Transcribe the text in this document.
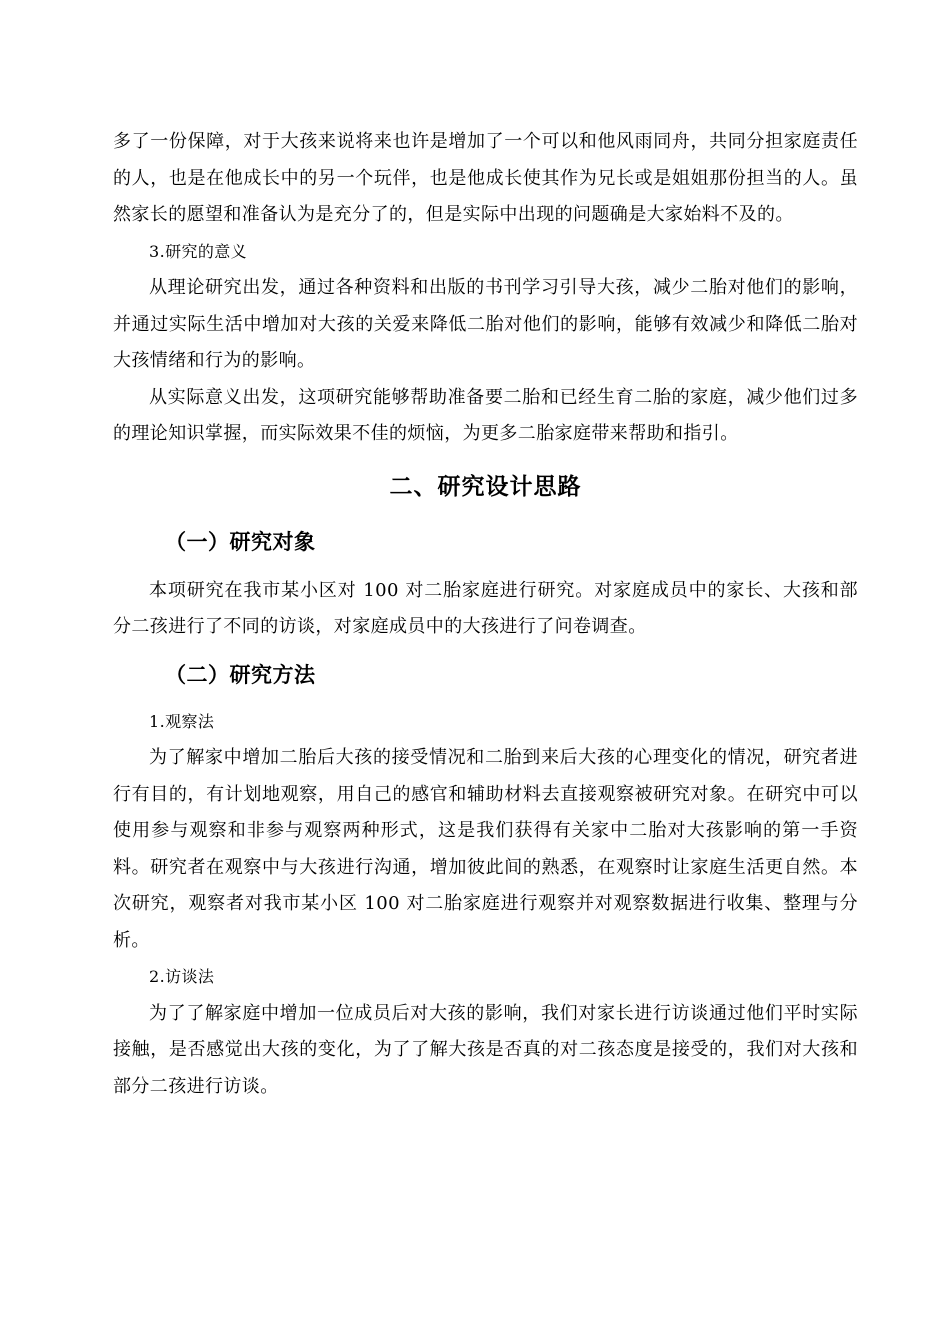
多了一份保障，对于大孩来说将来也许是增加了一个可以和他风雨同舟，共同分担家庭责任的人，也是在他成长中的另一个玩伴，也是他成长使其作为兄长或是姐姐那份担当的人。虽然家长的愿望和准备认为是充分了的，但是实际中出现的问题确是大家始料不及的。

3.研究的意义

从理论研究出发，通过各种资料和出版的书刊学习引导大孩，减少二胎对他们的影响，并通过实际生活中增加对大孩的关爱来降低二胎对他们的影响，能够有效减少和降低二胎对大孩情绪和行为的影响。

从实际意义出发，这项研究能够帮助准备要二胎和已经生育二胎的家庭，减少他们过多的理论知识掌握，而实际效果不佳的烦恼，为更多二胎家庭带来帮助和指引。

二、研究设计思路
（一）研究对象

本项研究在我市某小区对 100 对二胎家庭进行研究。对家庭成员中的家长、大孩和部分二孩进行了不同的访谈，对家庭成员中的大孩进行了问卷调查。

（二）研究方法

1.观察法

为了解家中增加二胎后大孩的接受情况和二胎到来后大孩的心理变化的情况，研究者进行有目的，有计划地观察，用自己的感官和辅助材料去直接观察被研究对象。在研究中可以使用参与观察和非参与观察两种形式，这是我们获得有关家中二胎对大孩影响的第一手资料。研究者在观察中与大孩进行沟通，增加彼此间的熟悉，在观察时让家庭生活更自然。本次研究，观察者对我市某小区 100 对二胎家庭进行观察并对观察数据进行收集、整理与分析。

2.访谈法

为了了解家庭中增加一位成员后对大孩的影响，我们对家长进行访谈通过他们平时实际接触，是否感觉出大孩的变化，为了了解大孩是否真的对二孩态度是接受的，我们对大孩和部分二孩进行访谈。
